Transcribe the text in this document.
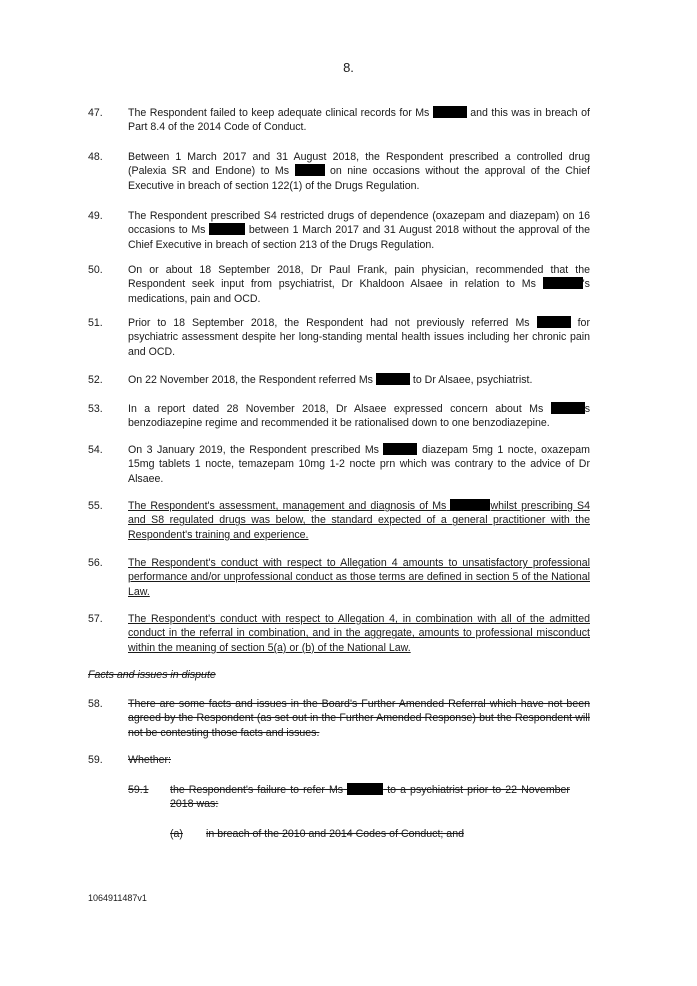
8.
47.	The Respondent failed to keep adequate clinical records for Ms	and this was in breach of Part 8.4 of the 2014 Code of Conduct.
48.	Between 1 March 2017 and 31 August 2018, the Respondent prescribed a controlled drug (Palexia SR and Endone) to Ms	on nine occasions without the approval of the Chief Executive in breach of section 122(1) of the Drugs Regulation.
49.	The Respondent prescribed S4 restricted drugs of dependence (oxazepam and diazepam) on 16 occasions to Ms	between 1 March 2017 and 31 August 2018 without the approval of the Chief Executive in breach of section 213 of the Drugs Regulation.
50.	On or about 18 September 2018, Dr Paul Frank, pain physician, recommended that the Respondent seek input from psychiatrist, Dr Khaldoon Alsaee in relation to Ms	's medications, pain and OCD.
51.	Prior to 18 September 2018, the Respondent had not previously referred Ms	for psychiatric assessment despite her long-standing mental health issues including her chronic pain and OCD.
52.	On 22 November 2018, the Respondent referred Ms	to Dr Alsaee, psychiatrist.
53.	In a report dated 28 November 2018, Dr Alsaee expressed concern about Ms	s benzodiazepine regime and recommended it be rationalised down to one benzodiazepine.
54.	On 3 January 2019, the Respondent prescribed Ms	diazepam 5mg 1 nocte, oxazepam 15mg tablets 1 nocte, temazepam 10mg 1-2 nocte prn which was contrary to the advice of Dr Alsaee.
55.	The Respondent's assessment, management and diagnosis of Ms	whilst prescribing S4 and S8 regulated drugs was below, the standard expected of a general practitioner with the Respondent's training and experience.
56.	The Respondent's conduct with respect to Allegation 4 amounts to unsatisfactory professional performance and/or unprofessional conduct as those terms are defined in section 5 of the National Law.
57.	The Respondent's conduct with respect to Allegation 4, in combination with all of the admitted conduct in the referral in combination, and in the aggregate, amounts to professional misconduct within the meaning of section 5(a) or (b) of the National Law.
Facts and issues in dispute
58.	There are some facts and issues in the Board's Further Amended Referral which have not been agreed by the Respondent (as set out in the Further Amended Response) but the Respondent will not be contesting those facts and issues.
59.	Whether:
59.1 the Respondent's failure to refer Ms	to a psychiatrist prior to 22 November 2018 was:
(a) in breach of the 2010 and 2014 Codes of Conduct; and
1064911487v1
